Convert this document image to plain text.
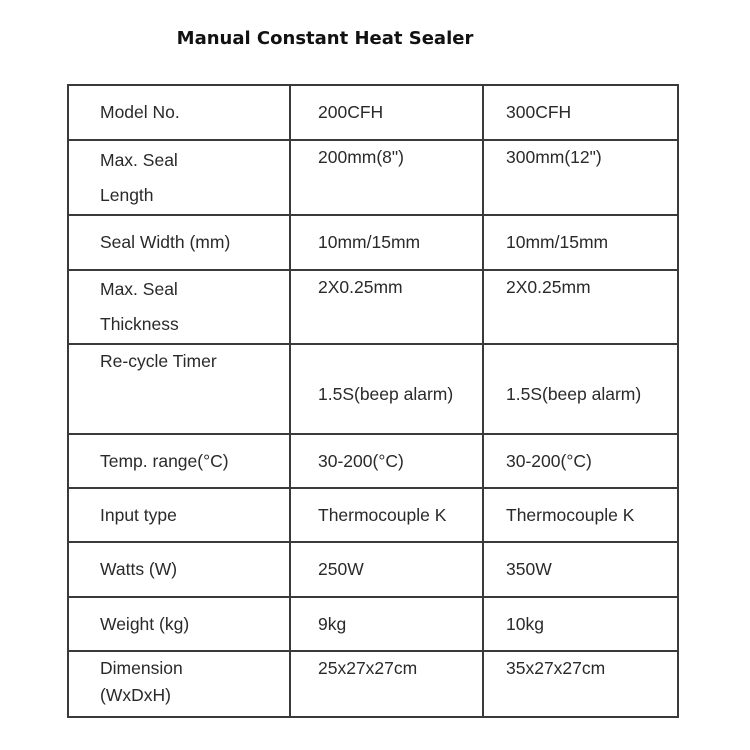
Manual Constant Heat Sealer
Model No.	200CFH	300CFH

Max. Seal
Length	200mm(8")	300mm(12")
Seal Width (mm)	10mm/15mm	10mm/15mm

Max. Seal
Thickness	2X0.25mm	2X0.25mm
Re-cycle Timer	1.5S(beep alarm)	1.5S(beep alarm)
Temp. range(°C)	30-200(°C)	30-200(°C)
Input type	Thermocouple K	Thermocouple K
Watts (W)	250W	350W
Weight (kg)	9kg	10kg

Dimension
(WxDxH)	25x27x27cm	35x27x27cm
